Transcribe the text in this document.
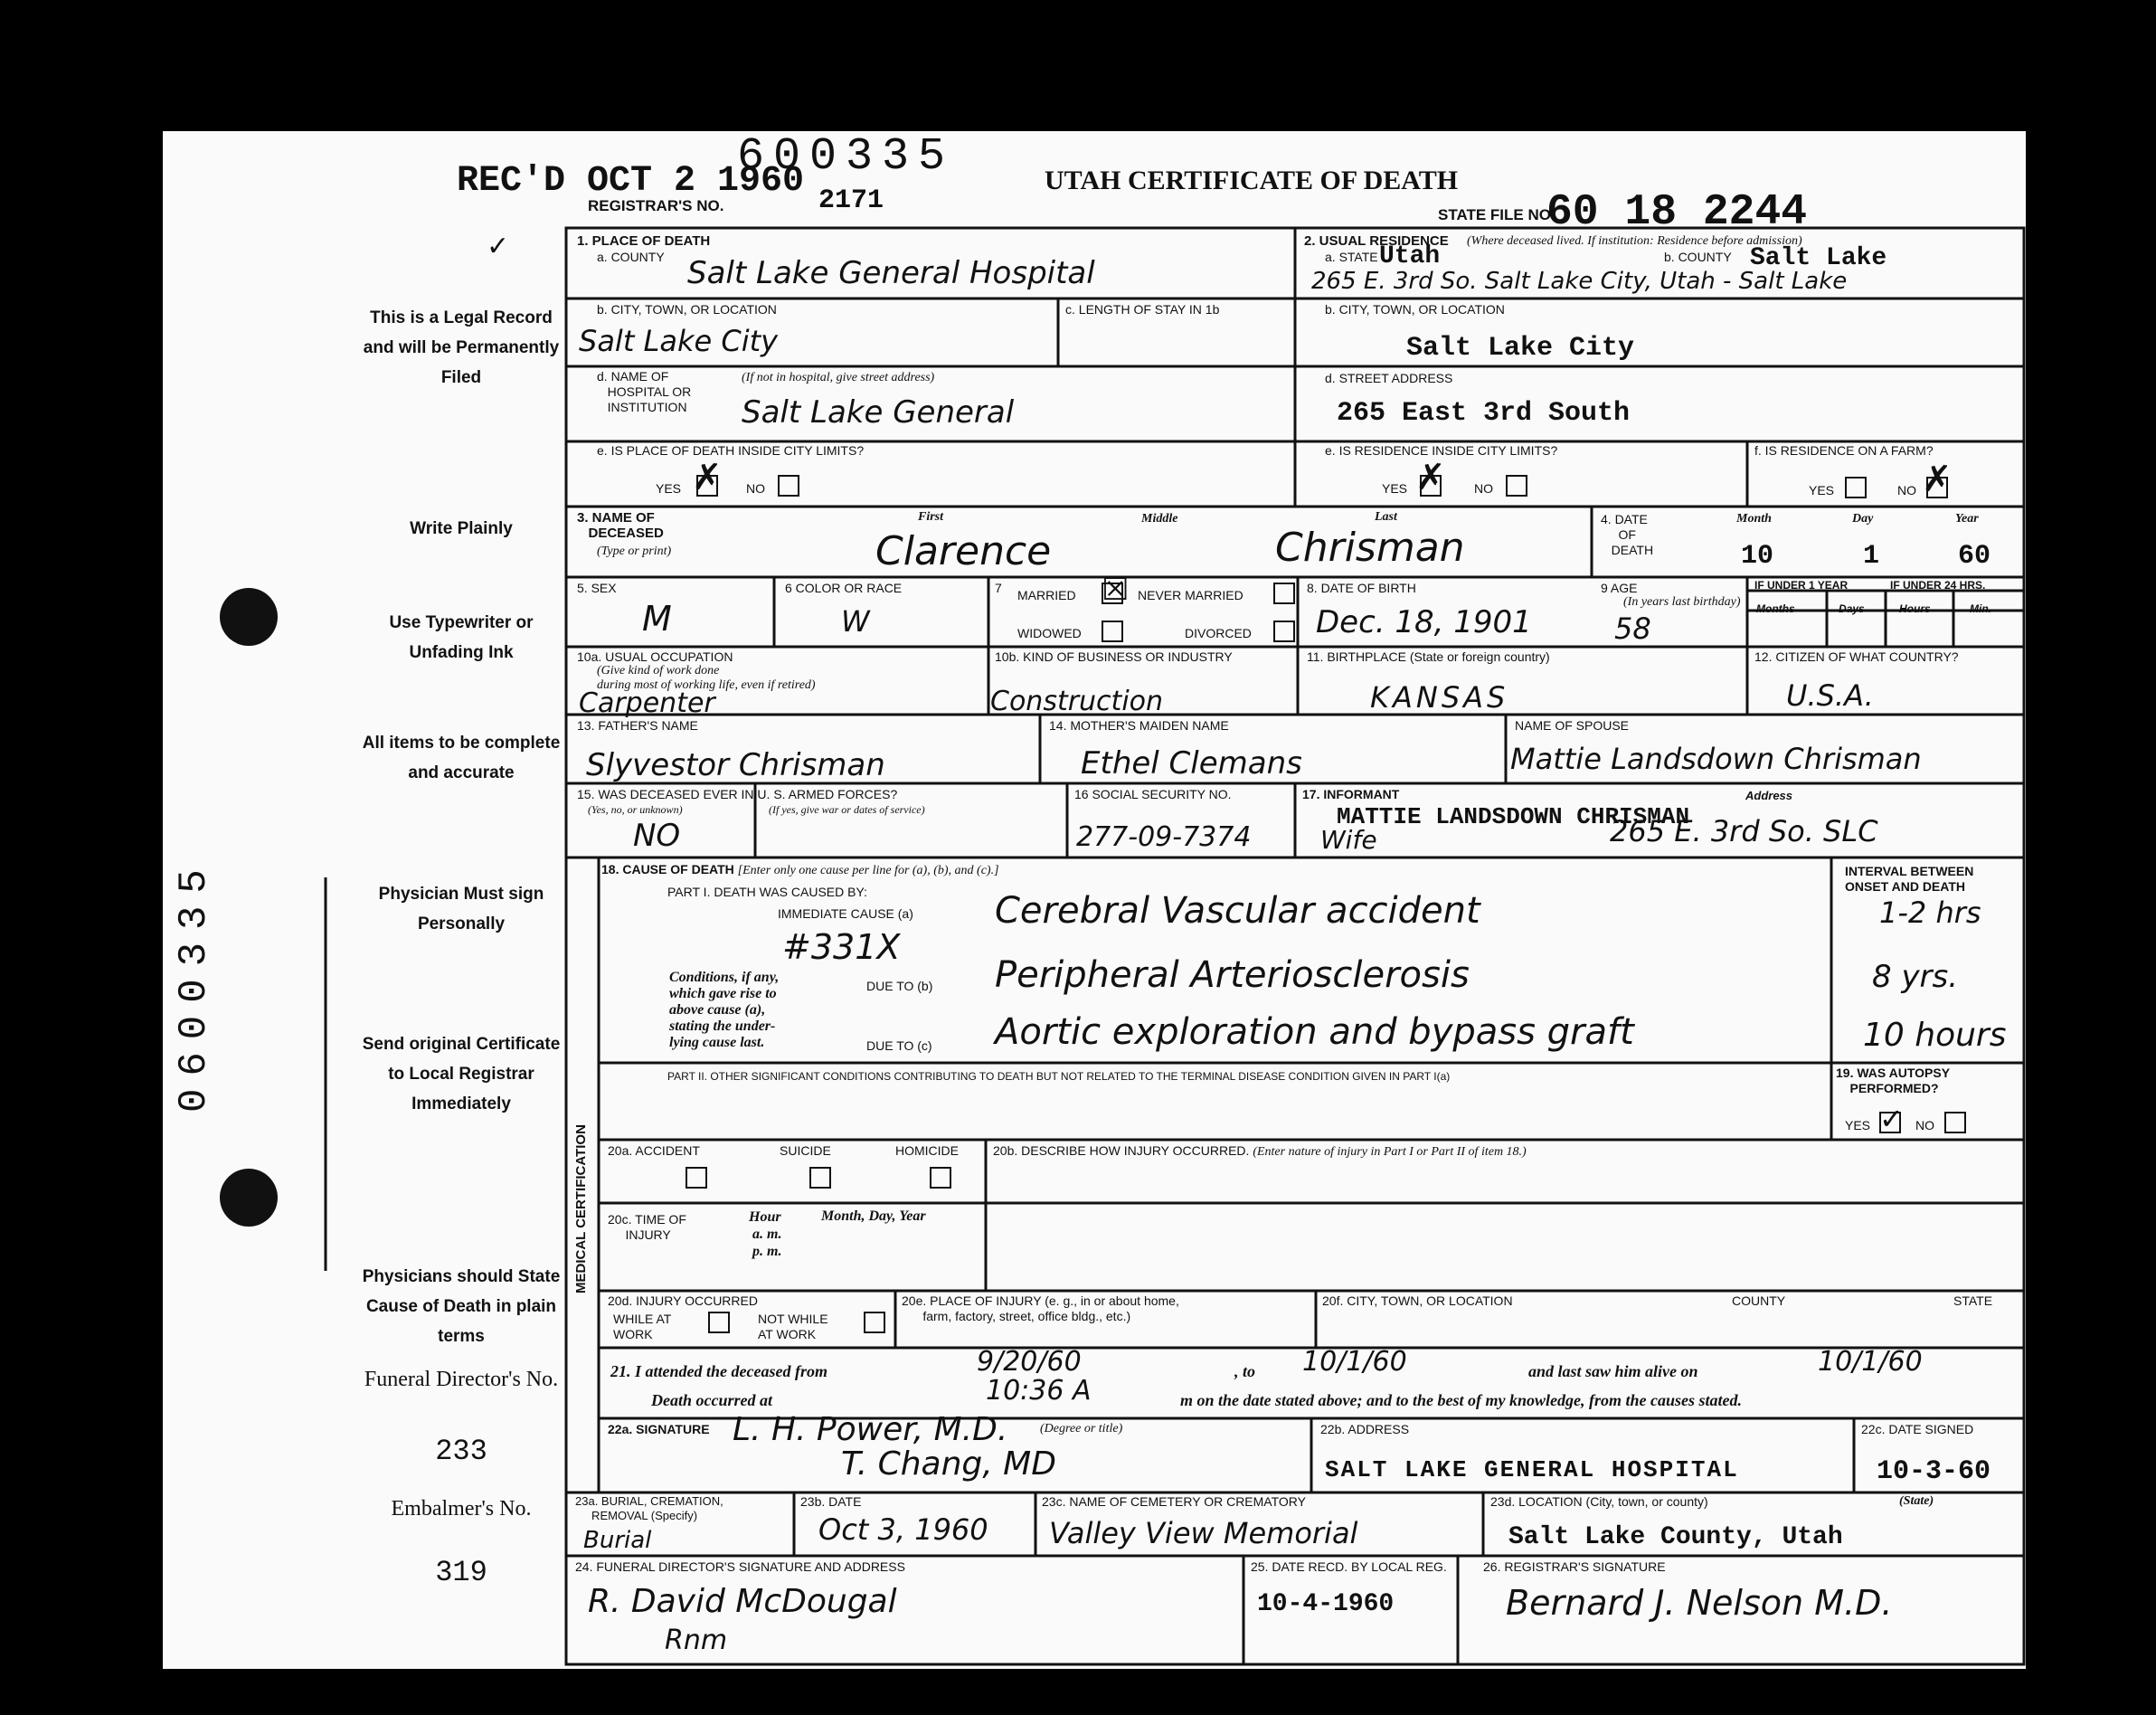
REC'D OCT 2 1960
600335
REGISTRAR'S NO.	2171
UTAH CERTIFICATE OF DEATH
STATE FILE NO.
60 18 2244
✓
This is a Legal Record and will be Permanently Filed
Write Plainly
Use Typewriter or Unfading Ink
All items to be complete and accurate
Physician Must sign Personally
Send original Certificate to Local Registrar Immediately
Physicians should State Cause of Death in plain terms
Funeral Director's No.
233
Embalmer's No.
319
0600335
1. PLACE OF DEATH
a. COUNTY Salt Lake General Hospital
b. CITY, TOWN, OR LOCATION
Salt Lake City
c. LENGTH OF STAY IN 1b
d. NAME OF
HOSPITAL OR
INSTITUTION
(If not in hospital, give street address)
Salt Lake General
e. IS PLACE OF DEATH INSIDE CITY LIMITS?
YES ✗ NO
2. USUAL RESIDENCE (Where deceased lived. If institution: Residence before admission)
a. STATE Utah	b. COUNTY Salt Lake
265 E. 3rd So. Salt Lake City, Utah - Salt Lake
b. CITY, TOWN, OR LOCATION
Salt Lake City
d. STREET ADDRESS
265 East 3rd South
e. IS RESIDENCE INSIDE CITY LIMITS?
YES ✗ NO
f. IS RESIDENCE ON A FARM?
YES	NO ✗
3. NAME OF
DECEASED
(Type or print)
First	Middle	Last
Clarence	Chrisman
4. DATE
OF
DEATH
Month	Day	Year
10	1	60
5. SEX
M
6 COLOR OR RACE
W
7 MARRIED ☒ NEVER MARRIED
WIDOWED	DIVORCED
8. DATE OF BIRTH
Dec. 18, 1901
9 AGE
(In years last birthday)
58
IF UNDER 1 YEAR	IF UNDER 24 HRS.
Months	Days	Hours	Min.
10a. USUAL OCCUPATION
(Give kind of work done
during most of working life, even if retired)
Carpenter
10b. KIND OF BUSINESS OR INDUSTRY
Construction
11. BIRTHPLACE (State or foreign country)
KANSAS
12. CITIZEN OF WHAT COUNTRY?
U.S.A.
13. FATHER'S NAME
Slyvestor Chrisman
14. MOTHER'S MAIDEN NAME
Ethel Clemans
NAME OF SPOUSE
Mattie Landsdown Chrisman
15. WAS DECEASED EVER IN U. S. ARMED FORCES?
(Yes, no, or unknown)	(If yes, give war or dates of service)
NO
16 SOCIAL SECURITY NO.
277-09-7374
17. INFORMANT
MATTIE LANDSDOWN CHRISMAN
Wife
Address
265 E. 3rd So. SLC
MEDICAL CERTIFICATION
18. CAUSE OF DEATH [Enter only one cause per line for (a), (b), and (c).]
PART I. DEATH WAS CAUSED BY:
IMMEDIATE CAUSE (a) Cerebral Vascular accident
#331X
Conditions, if any,
which gave rise to
above cause (a),
stating the under-
lying cause last.
DUE TO (b) Peripheral Arteriosclerosis
DUE TO (c) Aortic exploration and bypass graft
PART II. OTHER SIGNIFICANT CONDITIONS CONTRIBUTING TO DEATH BUT NOT RELATED TO THE TERMINAL DISEASE CONDITION GIVEN IN PART I(a)
INTERVAL BETWEEN
ONSET AND DEATH
1-2 hrs
8 yrs.
10 hours
19. WAS AUTOPSY
PERFORMED?
YES ✓ NO
20a. ACCIDENT	SUICIDE	HOMICIDE	20b. DESCRIBE HOW INJURY OCCURRED. (Enter nature of injury in Part I or Part II of item 18.)
20c. TIME OF
INJURY
Hour
a. m.
p. m.
Month, Day, Year
20d. INJURY OCCURRED
WHILE AT
WORK
NOT WHILE
AT WORK
20e. PLACE OF INJURY (e. g., in or about home,
farm, factory, street, office bldg., etc.)
20f. CITY, TOWN, OR LOCATION	COUNTY	STATE
21. I attended the deceased from	9/20/60	, to 10/1/60	and last saw him alive on	10/1/60
Death occurred at	10:36 A	m on the date stated above; and to the best of my knowledge, from the causes stated.
22a. SIGNATURE	(Degree or title)
L. H. Power, M.D.
T. Chang, MD
22b. ADDRESS
SALT LAKE GENERAL HOSPITAL
22c. DATE SIGNED
10-3-60
23a. BURIAL, CREMATION,
REMOVAL (Specify)
Burial
23b. DATE
Oct 3, 1960
23c. NAME OF CEMETERY OR CREMATORY
Valley View Memorial
23d. LOCATION (City, town, or county)	(State)
Salt Lake County, Utah
24. FUNERAL DIRECTOR'S SIGNATURE AND ADDRESS
R. David McDougal
Rnm
25. DATE RECD. BY LOCAL REG.
10-4-1960
26. REGISTRAR'S SIGNATURE
Bernard J. Nelson M.D.
